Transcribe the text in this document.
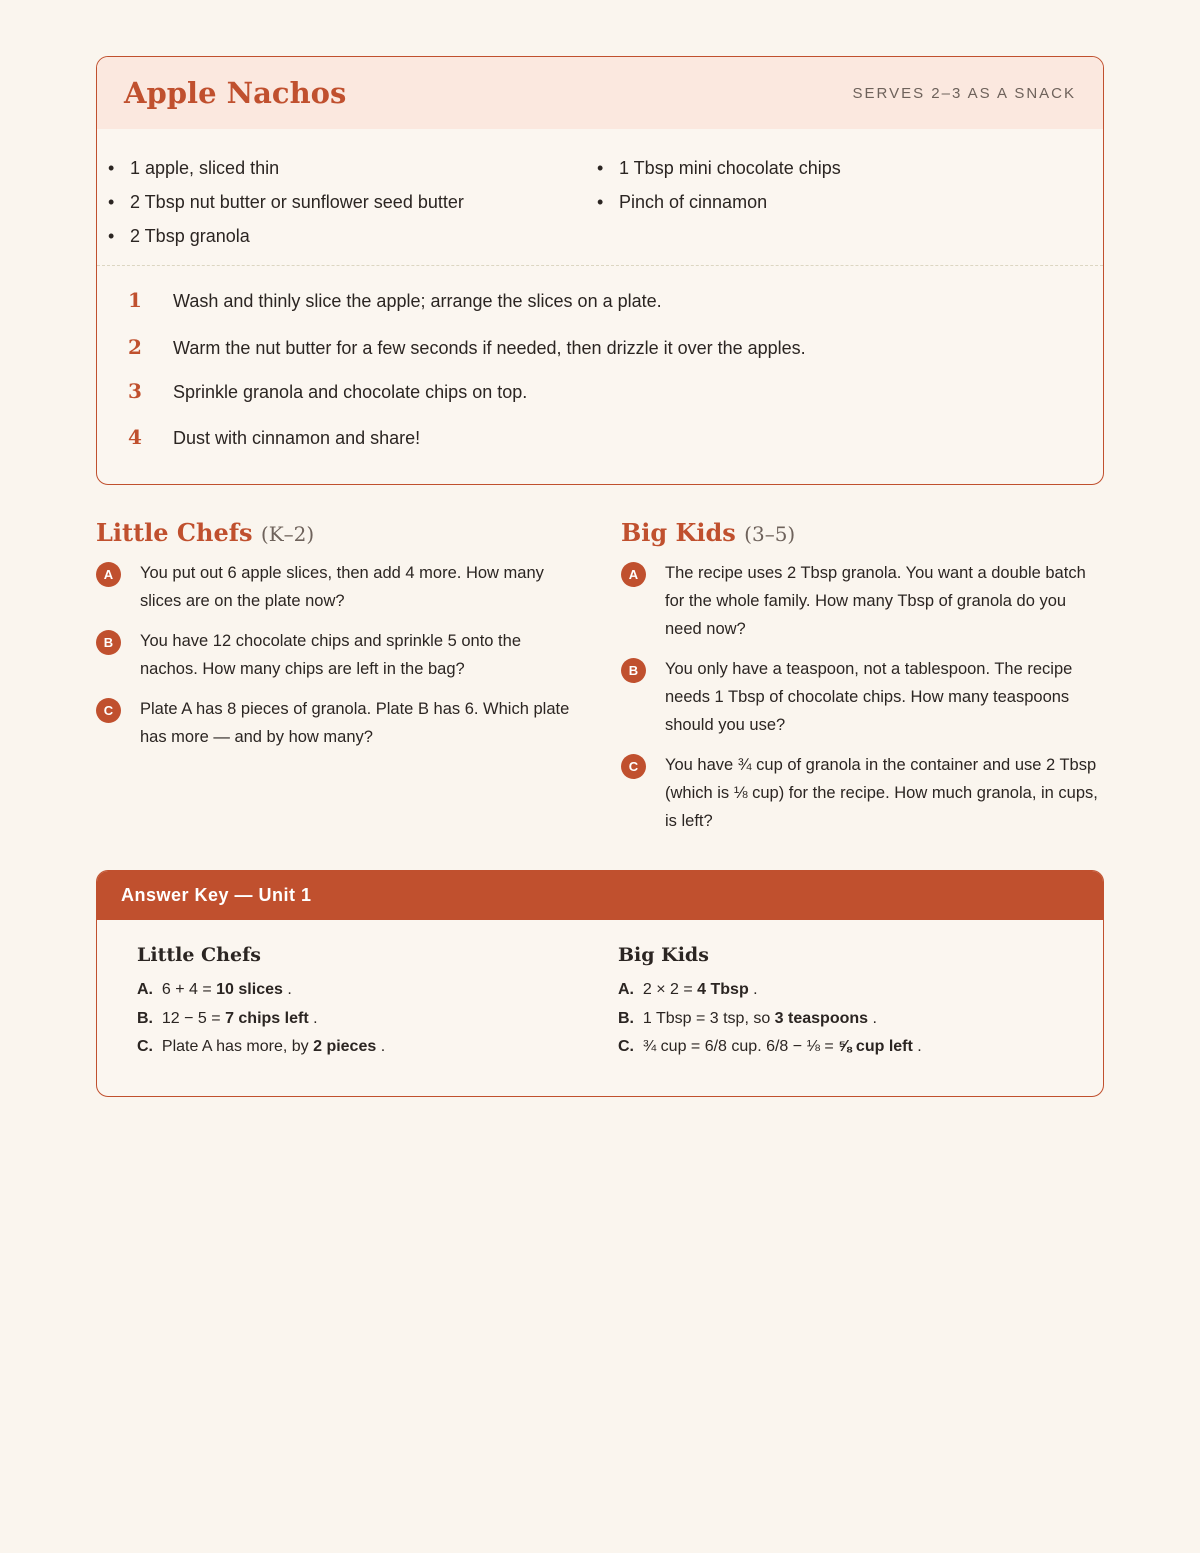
Apple Nachos	SERVES 2–3 AS A SNACK
• 1 apple, sliced thin
• 2 Tbsp nut butter or sunflower seed butter
• 2 Tbsp granola
• 1 Tbsp mini chocolate chips
• Pinch of cinnamon
1	Wash and thinly slice the apple; arrange the slices on a plate.
2	Warm the nut butter for a few seconds if needed, then drizzle it over the apples.
3	Sprinkle granola and chocolate chips on top.
4	Dust with cinnamon and share!
Little Chefs (K–2)
A	You put out 6 apple slices, then add 4 more. How many slices are on the plate now?
B	You have 12 chocolate chips and sprinkle 5 onto the nachos. How many chips are left in the bag?
C	Plate A has 8 pieces of granola. Plate B has 6. Which plate has more — and by how many?
Big Kids (3–5)
A	The recipe uses 2 Tbsp granola. You want a double batch for the whole family. How many Tbsp of granola do you need now?
B	You only have a teaspoon, not a tablespoon. The recipe needs 1 Tbsp of chocolate chips. How many teaspoons should you use?
C	You have ¾ cup of granola in the container and use 2 Tbsp (which is ⅛ cup) for the recipe. How much granola, in cups, is left?
Answer Key — Unit 1
Little Chefs
A. 6 + 4 = 10 slices .
B. 12 − 5 = 7 chips left .
C. Plate A has more, by 2 pieces .
Big Kids
A. 2 × 2 = 4 Tbsp .
B. 1 Tbsp = 3 tsp, so 3 teaspoons .
C. ¾ cup = 6/8 cup. 6/8 − ⅛ = ⅝ cup left .
